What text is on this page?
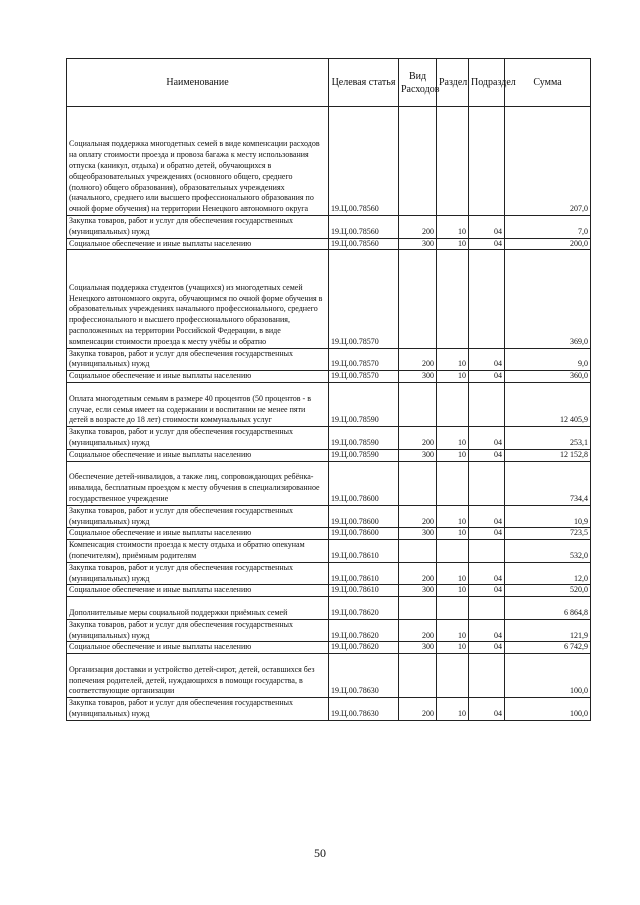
Наименование	Целевая статья	Вид Расходов	Раздел	Подраздел	Сумма
Социальная поддержка многодетных семей в виде компенсации расходов на оплату стоимости проезда и провоза багажа к месту использования отпуска (каникул, отдыха) и обратно детей, обучающихся в общеобразовательных учреждениях (основного общего, среднего (полного) общего образования), образовательных учреждениях (начального, среднего или высшего профессионального образования по очной форме обучения) на территории Ненецкого автономного округа	19.Ц.00.78560				207,0
Закупка товаров, работ и услуг для обеспечения государственных (муниципальных) нужд	19.Ц.00.78560	200	10	04	7,0
Социальное обеспечение и иные выплаты населению	19.Ц.00.78560	300	10	04	200,0
Социальная поддержка студентов (учащихся) из многодетных семей Ненецкого автономного округа, обучающимся по очной форме обучения в образовательных учреждениях начального профессионального, среднего профессионального и высшего профессионального образования, расположенных на территории Российской Федерации, в виде компенсации стоимости проезда к месту учёбы и обратно	19.Ц.00.78570				369,0
Закупка товаров, работ и услуг для обеспечения государственных (муниципальных) нужд	19.Ц.00.78570	200	10	04	9,0
Социальное обеспечение и иные выплаты населению	19.Ц.00.78570	300	10	04	360,0
Оплата многодетным семьям в размере 40 процентов (50 процентов - в случае, если семья имеет на содержании и воспитании не менее пяти детей в возрасте до 18 лет) стоимости коммунальных услуг	19.Ц.00.78590				12 405,9
Закупка товаров, работ и услуг для обеспечения государственных (муниципальных) нужд	19.Ц.00.78590	200	10	04	253,1
Социальное обеспечение и иные выплаты населению	19.Ц.00.78590	300	10	04	12 152,8
Обеспечение детей-инвалидов, а также лиц, сопровождающих ребёнка-инвалида, бесплатным проездом к месту обучения в специализированное государственное учреждение	19.Ц.00.78600				734,4
Закупка товаров, работ и услуг для обеспечения государственных (муниципальных) нужд	19.Ц.00.78600	200	10	04	10,9
Социальное обеспечение и иные выплаты населению	19.Ц.00.78600	300	10	04	723,5
Компенсация стоимости проезда к месту отдыха и обратно опекунам (попечителям), приёмным родителям	19.Ц.00.78610				532,0
Закупка товаров, работ и услуг для обеспечения государственных (муниципальных) нужд	19.Ц.00.78610	200	10	04	12,0
Социальное обеспечение и иные выплаты населению	19.Ц.00.78610	300	10	04	520,0
Дополнительные меры социальной поддержки приёмных семей	19.Ц.00.78620				6 864,8
Закупка товаров, работ и услуг для обеспечения государственных (муниципальных) нужд	19.Ц.00.78620	200	10	04	121,9
Социальное обеспечение и иные выплаты населению	19.Ц.00.78620	300	10	04	6 742,9
Организация доставки и устройство детей-сирот, детей, оставшихся без попечения родителей, детей, нуждающихся в помощи государства, в соответствующие организации	19.Ц.00.78630				100,0
Закупка товаров, работ и услуг для обеспечения государственных (муниципальных) нужд	19.Ц.00.78630	200	10	04	100,0
50
